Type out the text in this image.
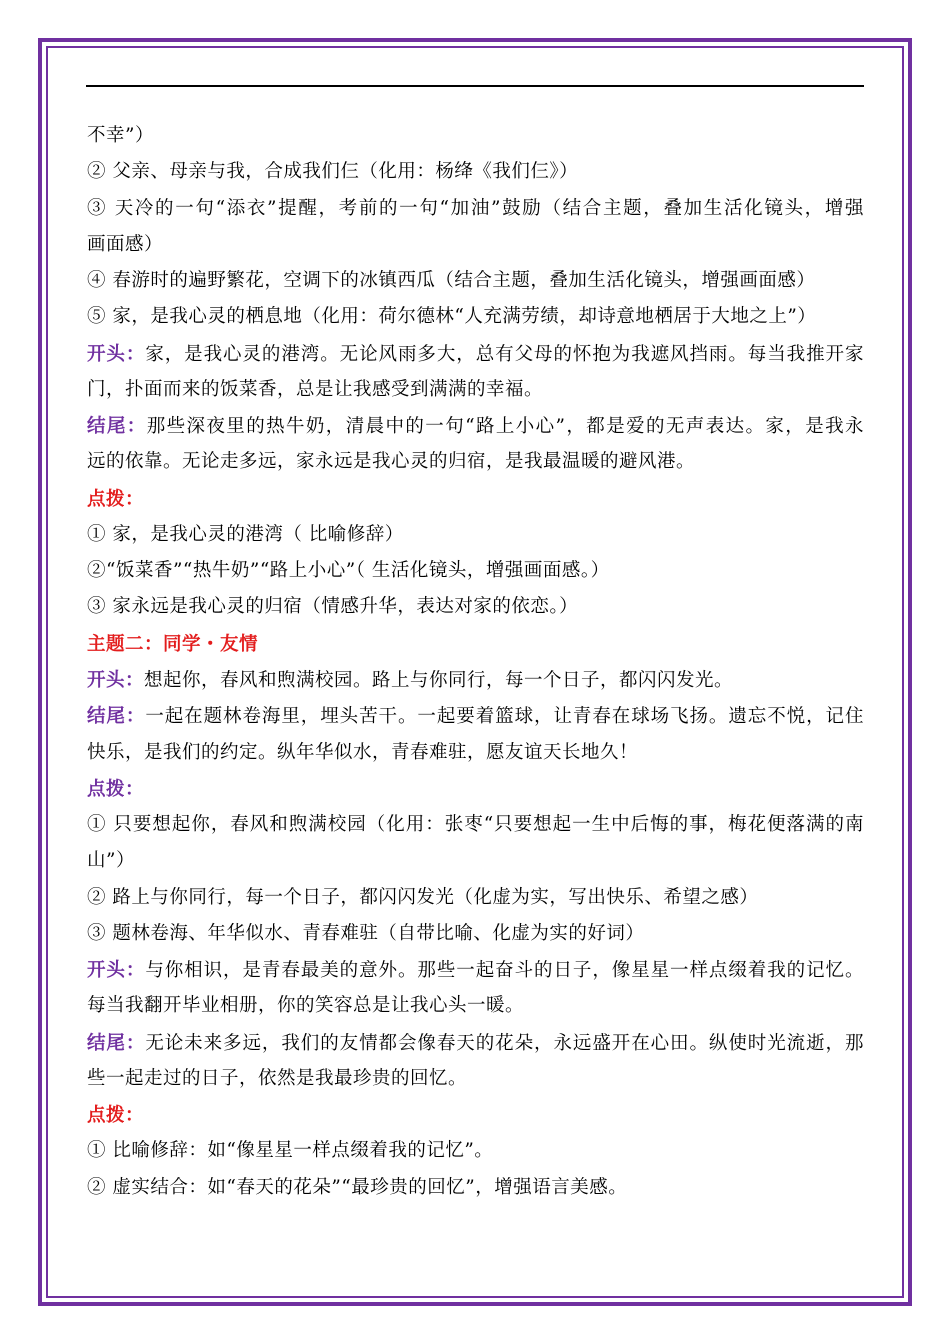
不幸”）
② 父亲、母亲与我，合成我们仨（化用：杨绛《我们仨》）
③ 天冷的一句“添衣”提醒，考前的一句“加油”鼓励（结合主题，叠加生活化镜头，增强
画面感）
④ 春游时的遍野繁花，空调下的冰镇西瓜（结合主题，叠加生活化镜头，增强画面感）
⑤ 家，是我心灵的栖息地（化用：荷尔德林“人充满劳绩，却诗意地栖居于大地之上”）
开头：家，是我心灵的港湾。无论风雨多大，总有父母的怀抱为我遮风挡雨。每当我推开家
门，扑面而来的饭菜香，总是让我感受到满满的幸福。
结尾：那些深夜里的热牛奶，清晨中的一句“路上小心”，都是爱的无声表达。家，是我永
远的依靠。无论走多远，家永远是我心灵的归宿，是我最温暖的避风港。
点拨：
① 家，是我心灵的港湾（ 比喻修辞）
②“饭菜香”“热牛奶”“路上小心”（ 生活化镜头，增强画面感。）
③ 家永远是我心灵的归宿（情感升华，表达对家的依恋。）
主题二：同学・友情
开头：想起你，春风和煦满校园。路上与你同行，每一个日子，都闪闪发光。
结尾：一起在题林卷海里，埋头苦干。一起要着篮球，让青春在球场飞扬。遗忘不悦，记住
快乐，是我们的约定。纵年华似水，青春难驻，愿友谊天长地久！
点拨：
① 只要想起你，春风和煦满校园（化用：张枣“只要想起一生中后悔的事，梅花便落满的南
山”）
② 路上与你同行，每一个日子，都闪闪发光（化虚为实，写出快乐、希望之感）
③ 题林卷海、年华似水、青春难驻（自带比喻、化虚为实的好词）
开头：与你相识，是青春最美的意外。那些一起奋斗的日子，像星星一样点缀着我的记忆。
每当我翻开毕业相册，你的笑容总是让我心头一暖。
结尾：无论未来多远，我们的友情都会像春天的花朵，永远盛开在心田。纵使时光流逝，那
些一起走过的日子，依然是我最珍贵的回忆。
点拨：
① 比喻修辞：如“像星星一样点缀着我的记忆”。
② 虚实结合：如“春天的花朵”“最珍贵的回忆”，增强语言美感。
